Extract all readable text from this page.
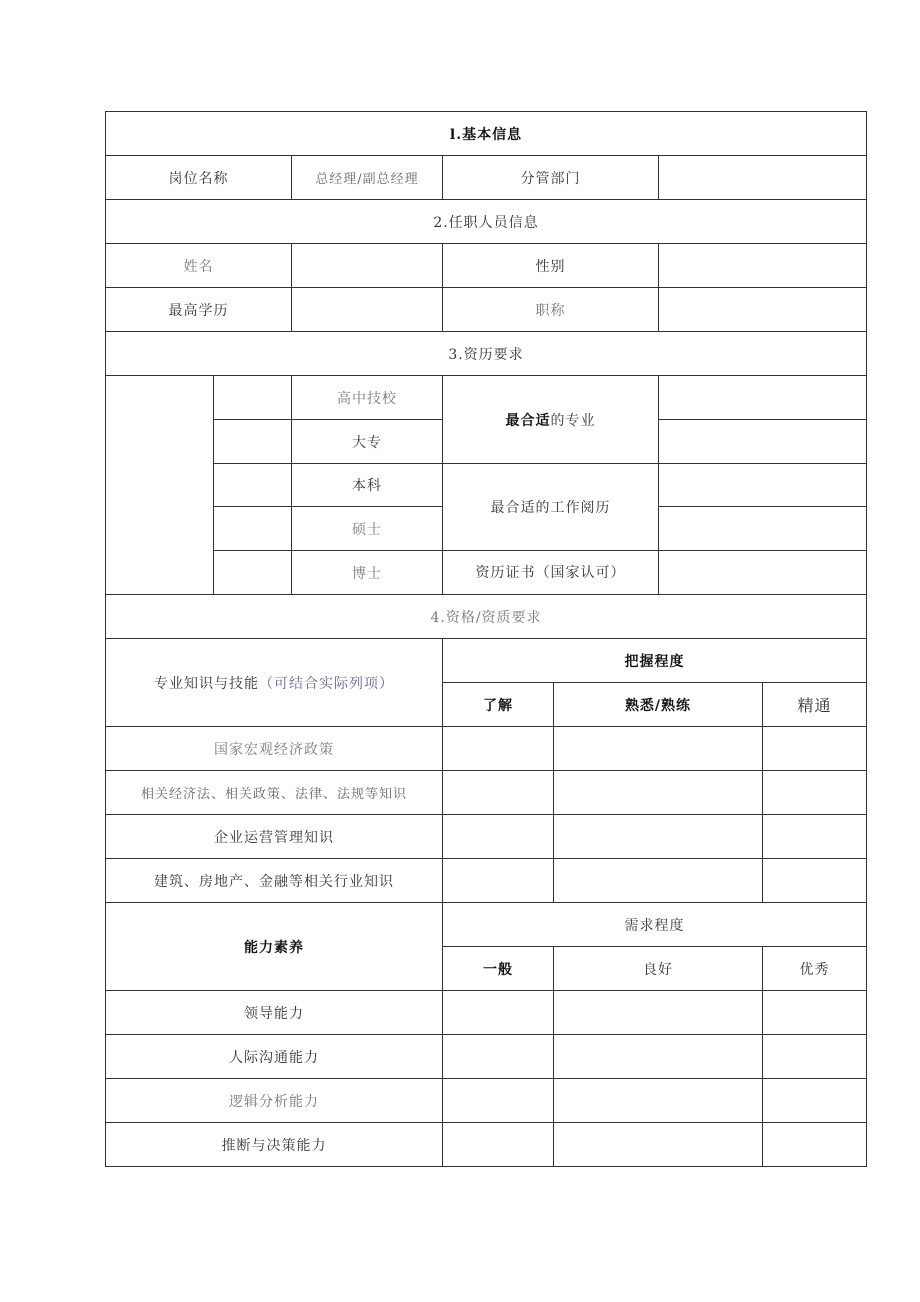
l.基本信息						
岗位名称		总经理/副总经理	分管部门			
2.任职人员信息						
姓名			性别			
最高学历			职称			
3.资历要求						
		高中技校	最合适的专业			
		大专				
		本科	最合适的工作阅历			
		硕士				
		博士	资历证书（国家认可）			
4.资格/资质要求						
专业知识与技能（可结合实际列项）			把握程度			
			了解	熟悉/熟练		精通
国家宏观经济政策						
相关经济法、相关政策、法律、法规等知识						
企业运营管理知识						
建筑、房地产、金融等相关行业知识						
能力素养			需求程度			
			一般	良好		优秀
领导能力						
人际沟通能力						
逻辑分析能力						
推断与决策能力						
